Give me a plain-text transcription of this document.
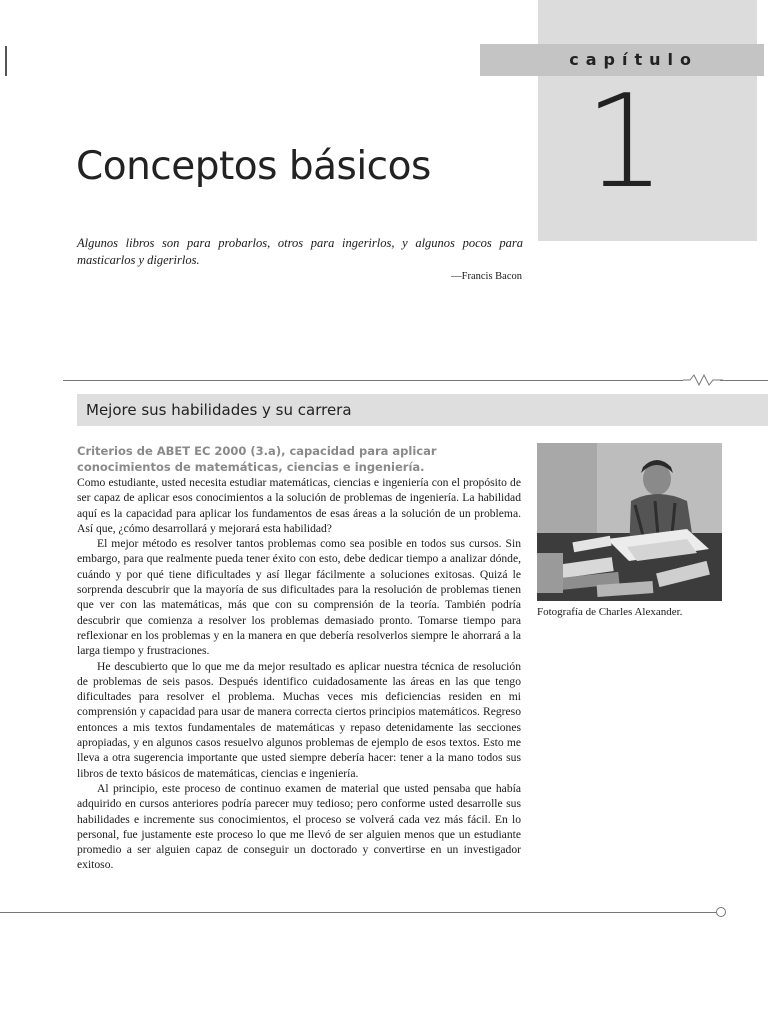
capítulo
1
Conceptos básicos
Algunos libros son para probarlos, otros para ingerirlos, y algunos pocos para masticarlos y digerirlos.
—Francis Bacon
Mejore sus habilidades y su carrera
Criterios de ABET EC 2000 (3.a), capacidad para aplicar conocimientos de matemáticas, ciencias e ingeniería.

Como estudiante, usted necesita estudiar matemáticas, ciencias e ingeniería con el propósito de ser capaz de aplicar esos conocimientos a la solución de problemas de ingeniería. La habilidad aquí es la capacidad para aplicar los fundamentos de esas áreas a la solución de un problema. Así que, ¿cómo desarrollará y mejorará esta habilidad?

El mejor método es resolver tantos problemas como sea posible en todos sus cursos. Sin embargo, para que realmente pueda tener éxito con esto, debe dedicar tiempo a analizar dónde, cuándo y por qué tiene dificultades y así llegar fácilmente a soluciones exitosas. Quizá le sorprenda descubrir que la mayoría de sus dificultades para la resolución de problemas tienen que ver con las matemáticas, más que con su comprensión de la teoría. También podría descubrir que comienza a resolver los problemas demasiado pronto. Tomarse tiempo para reflexionar en los problemas y en la manera en que debería resolverlos siempre le ahorrará a la larga tiempo y frustraciones.

He descubierto que lo que me da mejor resultado es aplicar nuestra técnica de resolución de problemas de seis pasos. Después identifico cuidadosamente las áreas en las que tengo dificultades para resolver el problema. Muchas veces mis deficiencias residen en mi comprensión y capacidad para usar de manera correcta ciertos principios matemáticos. Regreso entonces a mis textos fundamentales de matemáticas y repaso detenidamente las secciones apropiadas, y en algunos casos resuelvo algunos problemas de ejemplo de esos textos. Esto me lleva a otra sugerencia importante que usted siempre debería hacer: tener a la mano todos sus libros de texto básicos de matemáticas, ciencias e ingeniería.

Al principio, este proceso de continuo examen de material que usted pensaba que había adquirido en cursos anteriores podría parecer muy tedioso; pero conforme usted desarrolle sus habilidades e incremente sus conocimientos, el proceso se volverá cada vez más fácil. En lo personal, fue justamente este proceso lo que me llevó de ser alguien menos que un estudiante promedio a ser alguien capaz de conseguir un doctorado y convertirse en un investigador exitoso.

Fotografía de Charles Alexander.
